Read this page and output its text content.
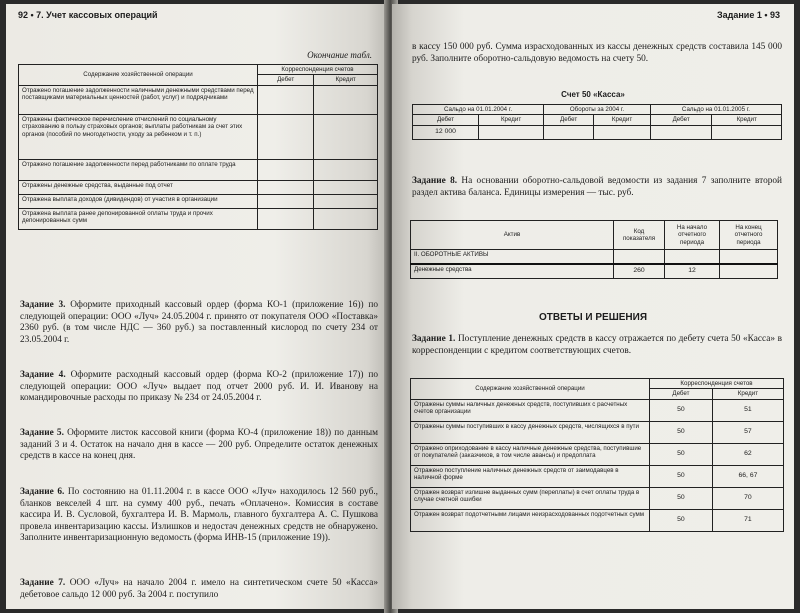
92 • 7. Учет кассовых операций
Окончание табл.
Содержание хозяйственной операции	Корреспонденция счетов	
	Дебет	Кредит
Отражено погашение задолженности наличными денежными средствами перед поставщиками материальных ценностей (работ, услуг) и подрядчиками		
Отражены фактическое перечисление отчислений по социальному страхованию в пользу страховых органов; выплаты работникам за счет этих органов (пособий по многодетности, уходу за ребенком и т. п.)		
Отражено погашение задолженности перед работниками по оплате труда		
Отражены денежные средства, выданные под отчет		
Отражена выплата доходов (дивидендов) от участия в организации		
Отражена выплата ранее депонированной оплаты труда и прочих депонированных сумм		
Задание 3. Оформите приходный кассовый ордер (форма КО-1 (приложение 16)) по следующей операции: ООО «Луч» 24.05.2004 г. принято от покупателя ООО «Поставка» 2360 руб. (в том числе НДС — 360 руб.) за поставленный кислород по счету 234 от 23.05.2004 г.
Задание 4. Оформите расходный кассовый ордер (форма КО-2 (приложение 17)) по следующей операции: ООО «Луч» выдает под отчет 2000 руб. И. И. Иванову на командировочные расходы по приказу № 234 от 24.05.2004 г.
Задание 5. Оформите листок кассовой книги (форма КО-4 (приложение 18)) по данным заданий 3 и 4. Остаток на начало дня в кассе — 200 руб. Определите остаток денежных средств в кассе на конец дня.
Задание 6. По состоянию на 01.11.2004 г. в кассе ООО «Луч» находилось 12 560 руб., бланков векселей 4 шт. на сумму 400 руб., печать «Оплачено». Комиссия в составе кассира И. В. Сусловой, бухгалтера И. В. Мармоль, главного бухгалтера А. С. Пушкова провела инвентаризацию кассы. Излишков и недостач денежных средств не обнаружено. Заполните инвентаризационную ведомость (форма ИНВ-15 (приложение 19)).
Задание 7. ООО «Луч» на начало 2004 г. имело на синтетическом счете 50 «Касса» дебетовое сальдо 12 000 руб. За 2004 г. поступило
Задание 1 • 93
в кассу 150 000 руб. Сумма израсходованных из кассы денежных средств составила 145 000 руб. Заполните оборотно-сальдовую ведомость на счету 50.
Счет 50 «Касса»
Сальдо на 01.01.2004 г.		Обороты за 2004 г.		Сальдо на 01.01.2005 г.	
Дебет	Кредит	Дебет	Кредит	Дебет	Кредит
12 000					
Задание 8. На основании оборотно-сальдовой ведомости из задания 7 заполните второй раздел актива баланса. Единицы измерения — тыс. руб.
Актив	Код показателя	На начало отчетного периода	На конец отчетного периода
II. ОБОРОТНЫЕ АКТИВЫ			
Денежные средства	260	12	
ОТВЕТЫ И РЕШЕНИЯ
Задание 1. Поступление денежных средств в кассу отражается по дебету счета 50 «Касса» в корреспонденции с кредитом соответствующих счетов.
Содержание хозяйственной операции	Корреспонденция счетов	
	Дебет	Кредит
Отражены суммы наличных денежных средств, поступивших с расчетных счетов организации	50	51
Отражены суммы поступивших в кассу денежных средств, числящихся в пути	50	57
Отражено оприходование в кассу наличные денежные средства, поступившие от покупателей (заказчиков, в том числе авансы) и предоплата	50	62
Отражено поступление наличных денежных средств от заимодавцев в наличной форме	50	66, 67
Отражен возврат излишне выданных сумм (переплаты) в счет оплаты труда в случае счетной ошибки	50	70
Отражен возврат подотчетными лицами неизрасходованных подотчетных сумм	50	71
